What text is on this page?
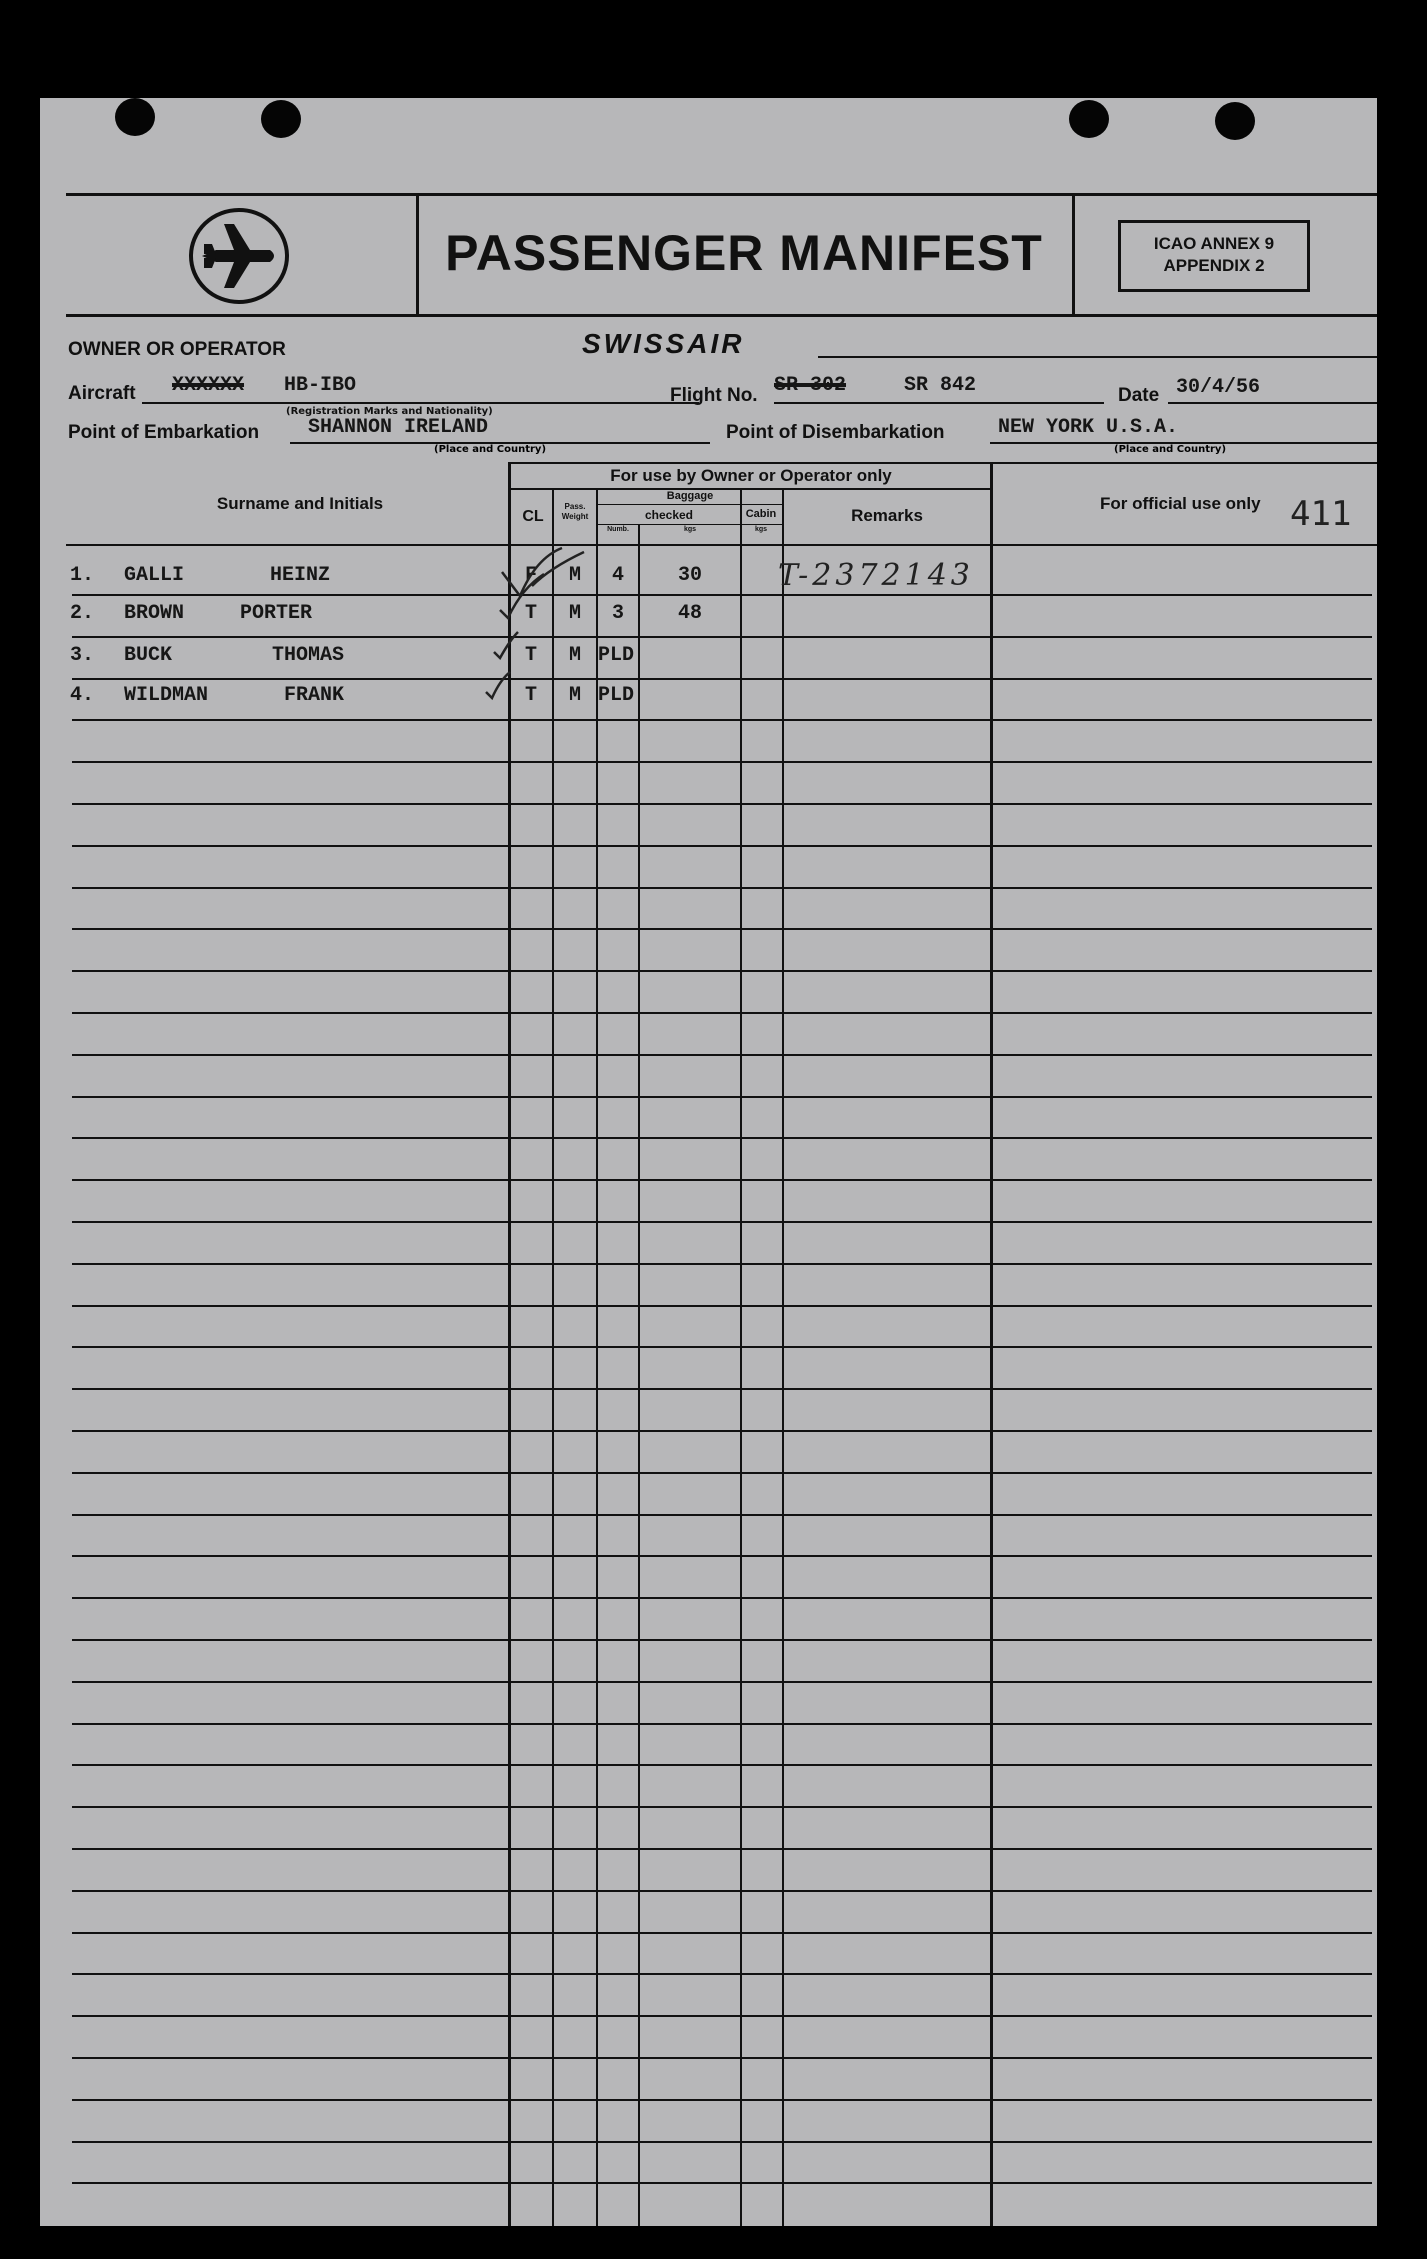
PASSENGER MANIFEST	ICAO ANNEX 9
APPENDIX 2
OWNER OR OPERATOR	SWISSAIR
Aircraft XXXXXX HB-IBO
(Registration Marks and Nationality)
Flight No. SR 302	SR 842	Date 30/4/56
Point of Embarkation SHANNON IRELAND
(Place and Country)
Point of Disembarkation	NEW YORK U.S.A.
(Place and Country)
For use by Owner or Operator only
Surname and Initials
CL
Pass. Weight
Baggage
checked	Cabin
Numb.	kgs	kgs
Remarks
For official use only 411
1. GALLI	HEINZ	F	M	4	30	T-2372143
2. BROWN	PORTER	T	M	3	48
3. BUCK	THOMAS	T	M PLD
4. WILDMAN	FRANK	T	M PLD
